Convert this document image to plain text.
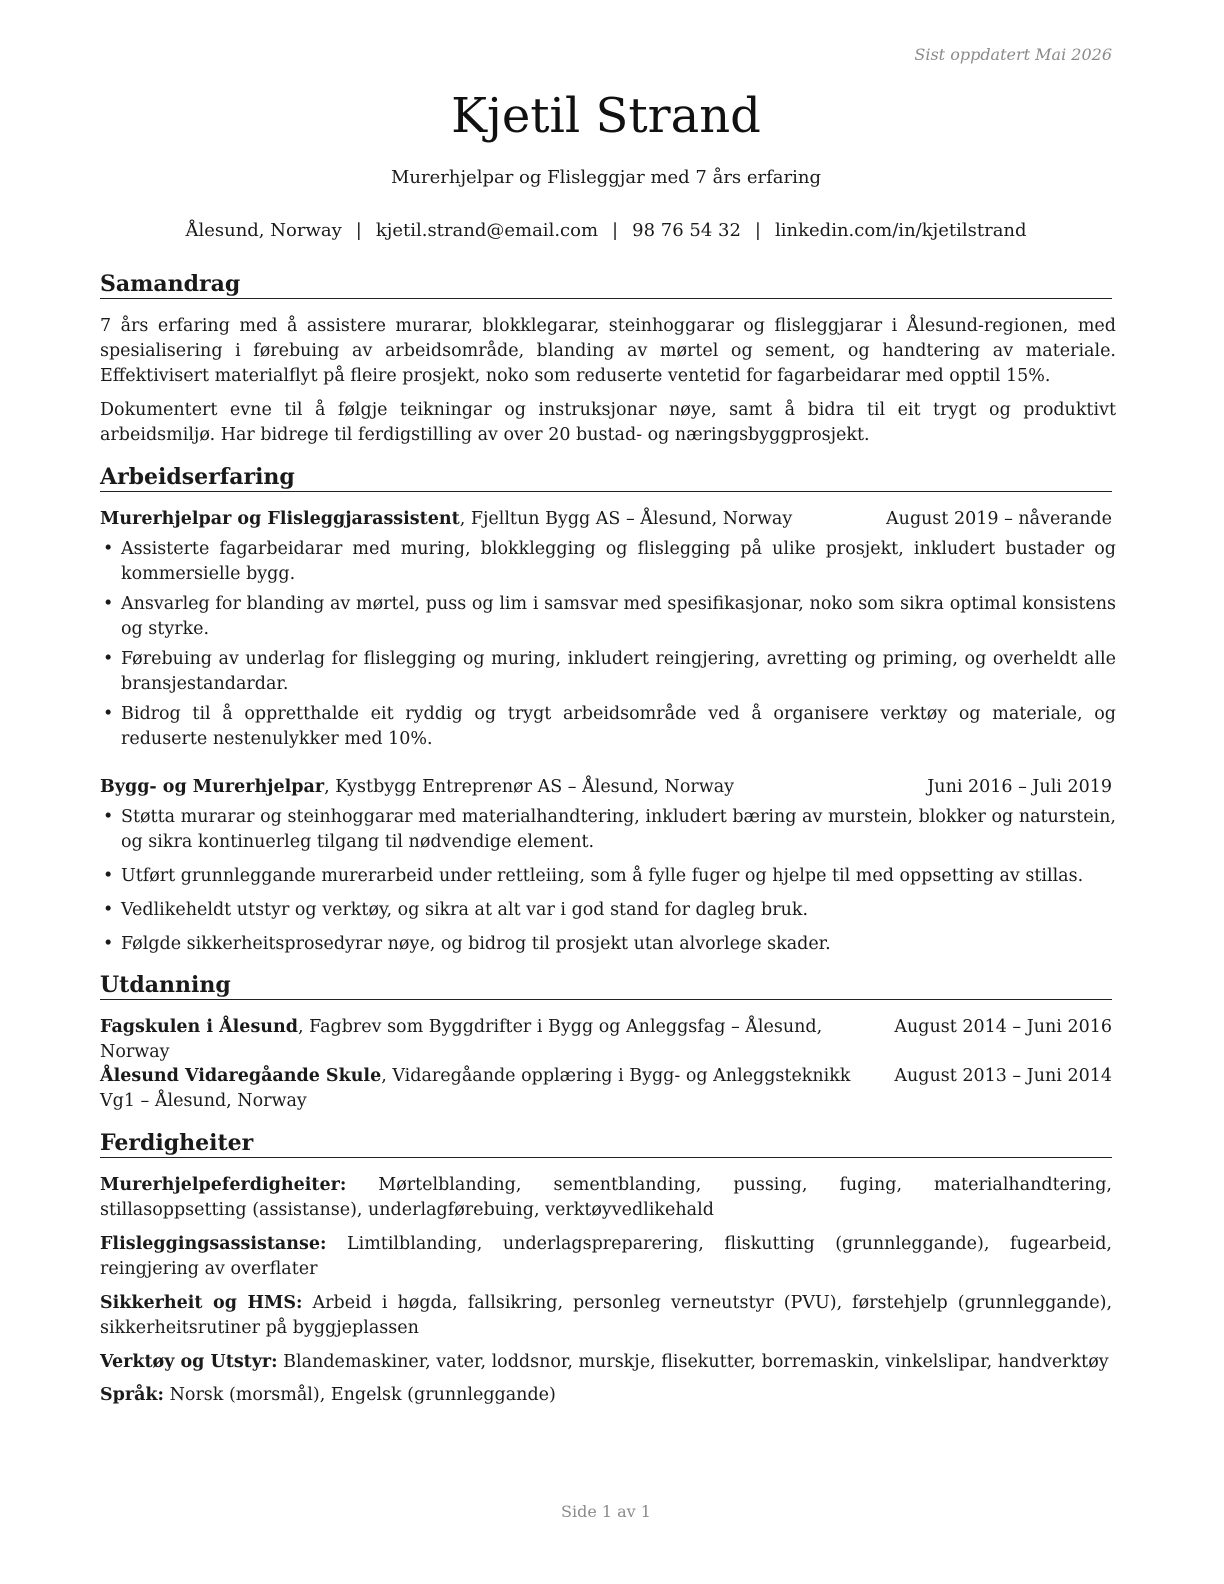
Sist oppdatert Mai 2026
Kjetil Strand
Murerhjelpar og Flisleggjar med 7 års erfaring
Ålesund, Norway | kjetil.strand@email.com | 98 76 54 32 | linkedin.com/in/kjetilstrand
Samandrag
7 års erfaring med å assistere murarar, blokklegarar, steinhoggarar og flisleggjarar i Ålesund-regionen, med spesialisering i førebuing av arbeidsområde, blanding av mørtel og sement, og handtering av materiale. Effektivisert materialflyt på fleire prosjekt, noko som reduserte ventetid for fagarbeidarar med opptil 15%.
Dokumentert evne til å følgje teikningar og instruksjonar nøye, samt å bidra til eit trygt og produktivt arbeidsmiljø. Har bidrege til ferdigstilling av over 20 bustad- og næringsbyggprosjekt.
Arbeidserfaring
Murerhjelpar og Flisleggjarassistent, Fjelltun Bygg AS – Ålesund, Norway	August 2019 – nåverande
• Assisterte fagarbeidarar med muring, blokklegging og flislegging på ulike prosjekt, inkludert bustader og kommersielle bygg.
• Ansvarleg for blanding av mørtel, puss og lim i samsvar med spesifikasjonar, noko som sikra optimal konsistens og styrke.
• Førebuing av underlag for flislegging og muring, inkludert reingjering, avretting og priming, og overheldt alle bransjestandardar.
• Bidrog til å oppretthalde eit ryddig og trygt arbeidsområde ved å organisere verktøy og materiale, og reduserte nestenulykker med 10%.
Bygg- og Murerhjelpar, Kystbygg Entreprenør AS – Ålesund, Norway	Juni 2016 – Juli 2019
• Støtta murarar og steinhoggarar med materialhandtering, inkludert bæring av murstein, blokker og naturstein, og sikra kontinuerleg tilgang til nødvendige element.
• Utført grunnleggande murerarbeid under rettleiing, som å fylle fuger og hjelpe til med oppsetting av stillas.
• Vedlikeheldt utstyr og verktøy, og sikra at alt var i god stand for dagleg bruk.
• Følgde sikkerheitsprosedyrar nøye, og bidrog til prosjekt utan alvorlege skader.
Utdanning
Fagskulen i Ålesund, Fagbrev som Byggdrifter i Bygg og Anleggsfag – Ålesund, Norway
August 2014 – Juni 2016
Ålesund Vidaregåande Skule, Vidaregåande opplæring i Bygg- og Anleggsteknikk Vg1 – Ålesund, Norway
August 2013 – Juni 2014
Ferdigheiter
Murerhjelpeferdigheiter: Mørtelblanding, sementblanding, pussing, fuging, materialhandtering, stillasoppsetting (assistanse), underlagførebuing, verktøyvedlikehald
Flisleggingsassistanse: Limtilblanding, underlagspreparering, fliskutting (grunnleggande), fugearbeid, reingjering av overflater
Sikkerheit og HMS: Arbeid i høgda, fallsikring, personleg verneutstyr (PVU), førstehjelp (grunnleggande), sikkerheitsrutiner på byggjeplassen
Verktøy og Utstyr: Blandemaskiner, vater, loddsnor, murskje, flisekutter, borremaskin, vinkelslipar, handverktøy
Språk: Norsk (morsmål), Engelsk (grunnleggande)
Side 1 av 1
